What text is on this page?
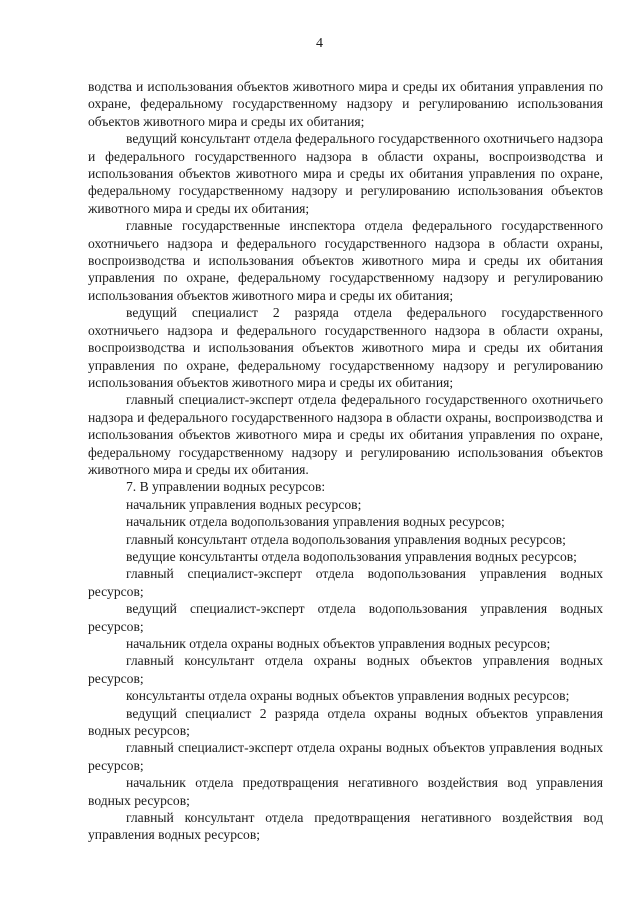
4

водства и использования объектов животного мира и среды их обитания управления по охране, федеральному государственному надзору и регулированию использования объектов животного мира и среды их обитания;

ведущий консультант отдела федерального государственного охотничьего надзора и федерального государственного надзора в области охраны, воспроизводства и использования объектов животного мира и среды их обитания управления по охране, федеральному государственному надзору и регулированию использования объектов животного мира и среды их обитания;

главные государственные инспектора отдела федерального государственного охотничьего надзора и федерального государственного надзора в области охраны, воспроизводства и использования объектов животного мира и среды их обитания управления по охране, федеральному государственному надзору и регулированию использования объектов животного мира и среды их обитания;

ведущий специалист 2 разряда отдела федерального государственного охотничьего надзора и федерального государственного надзора в области охраны, воспроизводства и использования объектов животного мира и среды их обитания управления по охране, федеральному государственному надзору и регулированию использования объектов животного мира и среды их обитания;

главный специалист-эксперт отдела федерального государственного охотничьего надзора и федерального государственного надзора в области охраны, воспроизводства и использования объектов животного мира и среды их обитания управления по охране, федеральному государственному надзору и регулированию использования объектов животного мира и среды их обитания.

7. В управлении водных ресурсов:

начальник управления водных ресурсов;

начальник отдела водопользования управления водных ресурсов;

главный консультант отдела водопользования управления водных ресурсов;

ведущие консультанты отдела водопользования управления водных ресурсов;

главный специалист-эксперт отдела водопользования управления водных ресурсов;

ведущий специалист-эксперт отдела водопользования управления водных ресурсов;

начальник отдела охраны водных объектов управления водных ресурсов;

главный консультант отдела охраны водных объектов управления водных ресурсов;

консультанты отдела охраны водных объектов управления водных ресурсов;

ведущий специалист 2 разряда отдела охраны водных объектов управления водных ресурсов;

главный специалист-эксперт отдела охраны водных объектов управления водных ресурсов;

начальник отдела предотвращения негативного воздействия вод управления водных ресурсов;

главный консультант отдела предотвращения негативного воздействия вод управления водных ресурсов;
